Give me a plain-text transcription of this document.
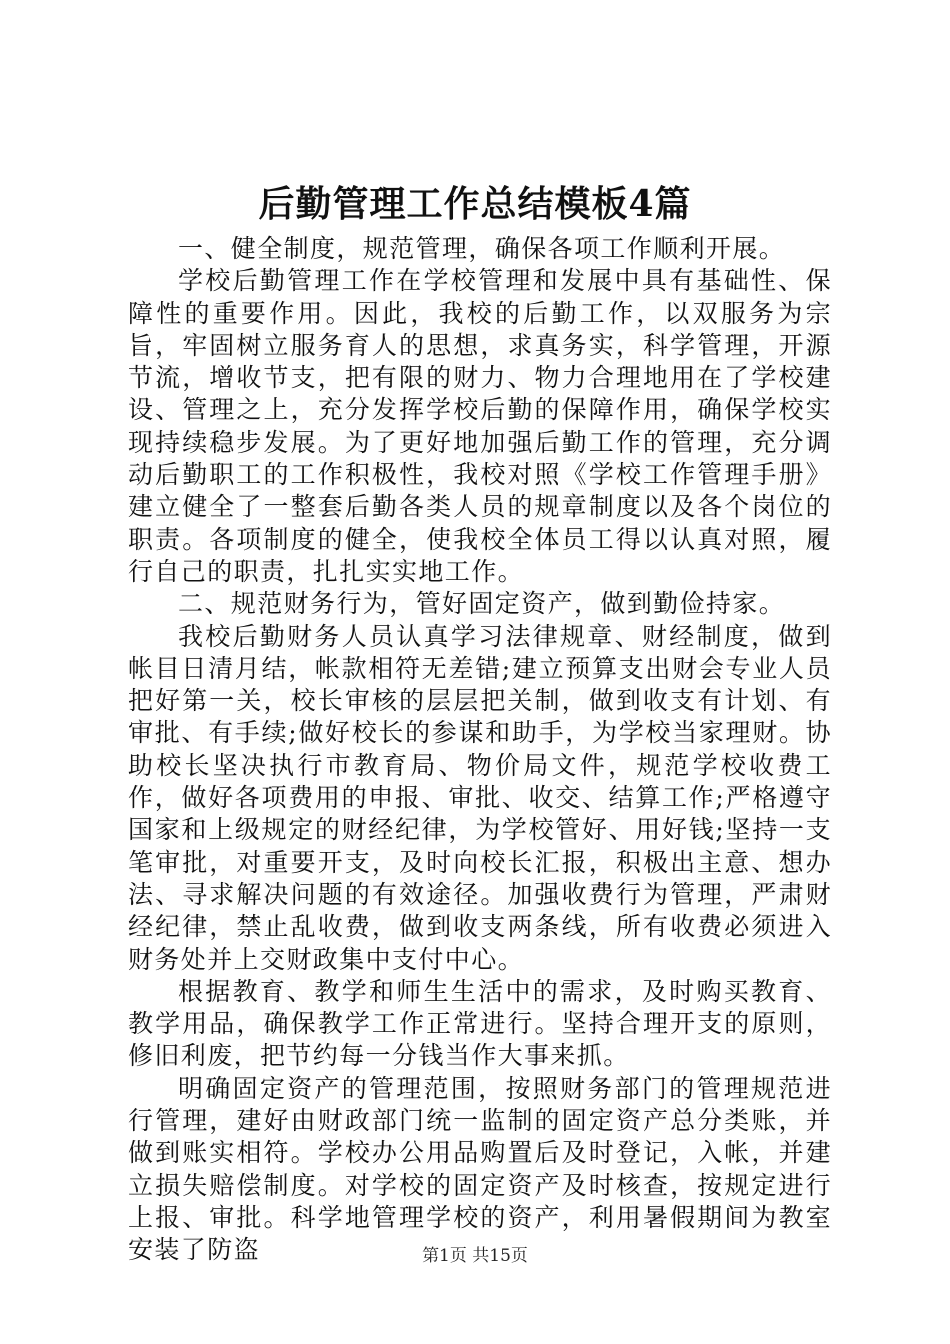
后勤管理工作总结模板4篇

一、健全制度，规范管理，确保各项工作顺利开展。

学校后勤管理工作在学校管理和发展中具有基础性、保障性的重要作用。因此，我校的后勤工作，以双服务为宗旨，牢固树立服务育人的思想，求真务实，科学管理，开源节流，增收节支，把有限的财力、物力合理地用在了学校建设、管理之上，充分发挥学校后勤的保障作用，确保学校实现持续稳步发展。为了更好地加强后勤工作的管理，充分调动后勤职工的工作积极性，我校对照《学校工作管理手册》建立健全了一整套后勤各类人员的规章制度以及各个岗位的职责。各项制度的健全，使我校全体员工得以认真对照，履行自己的职责，扎扎实实地工作。

二、规范财务行为，管好固定资产，做到勤俭持家。

我校后勤财务人员认真学习法律规章、财经制度，做到帐目日清月结，帐款相符无差错;建立预算支出财会专业人员把好第一关，校长审核的层层把关制，做到收支有计划、有审批、有手续;做好校长的参谋和助手，为学校当家理财。协助校长坚决执行市教育局、物价局文件，规范学校收费工作，做好各项费用的申报、审批、收交、结算工作;严格遵守国家和上级规定的财经纪律，为学校管好、用好钱;坚持一支笔审批，对重要开支，及时向校长汇报，积极出主意、想办法、寻求解决问题的有效途径。加强收费行为管理，严肃财经纪律，禁止乱收费，做到收支两条线，所有收费必须进入财务处并上交财政集中支付中心。

根据教育、教学和师生生活中的需求，及时购买教育、教学用品，确保教学工作正常进行。坚持合理开支的原则，修旧利废，把节约每一分钱当作大事来抓。

明确固定资产的管理范围，按照财务部门的管理规范进行管理，建好由财政部门统一监制的固定资产总分类账，并做到账实相符。学校办公用品购置后及时登记，入帐，并建立损失赔偿制度。对学校的固定资产及时核查，按规定进行上报、审批。科学地管理学校的资产，利用暑假期间为教室安装了防盗	第1页 共15页
